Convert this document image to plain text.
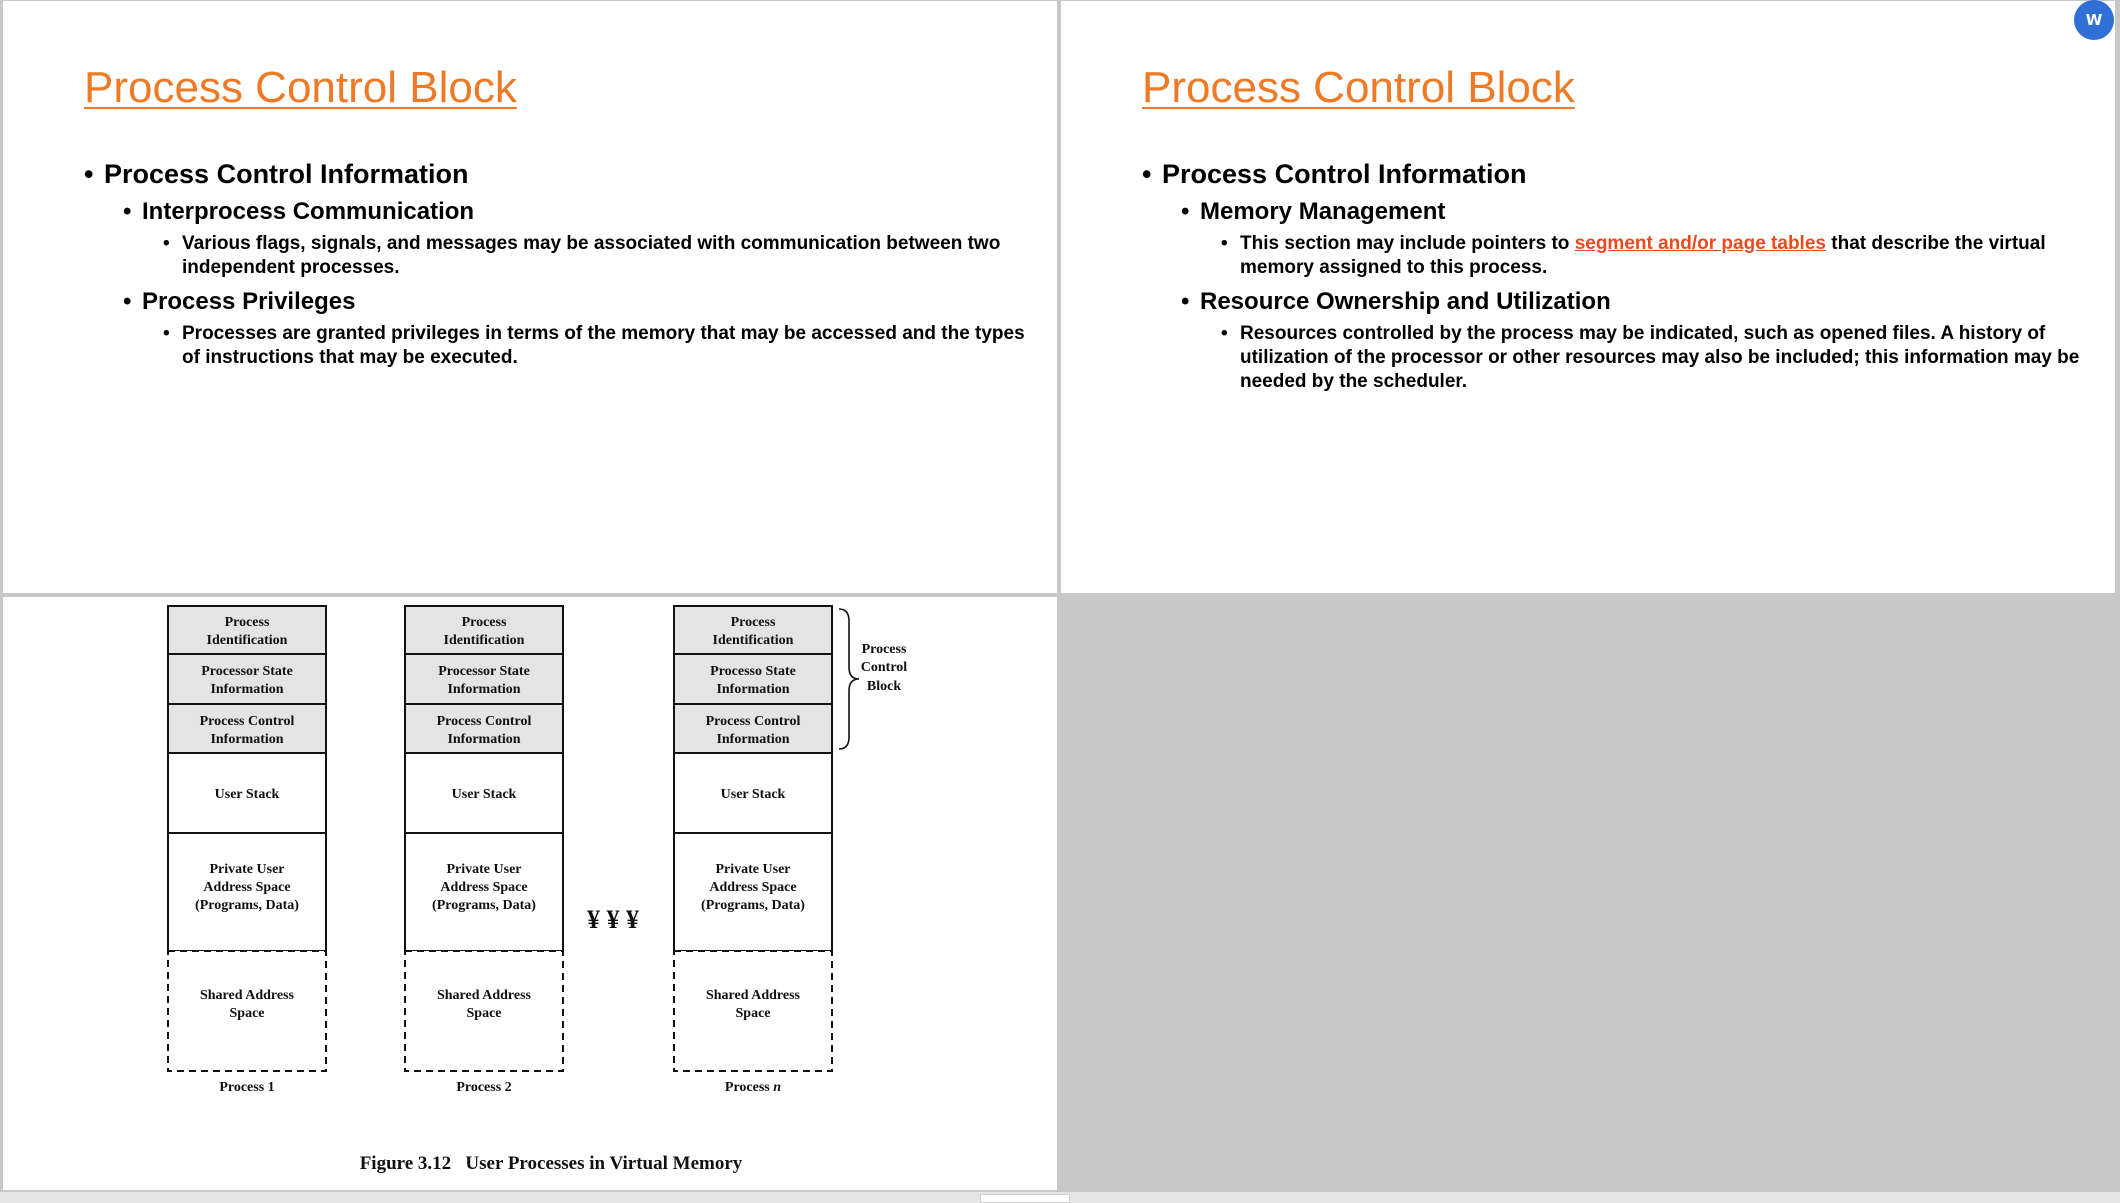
Process Control Block
• Process Control Information
• Interprocess Communication
• Various flags, signals, and messages may be associated with communication between two independent processes.
• Process Privileges
• Processes are granted privileges in terms of the memory that may be accessed and the types of instructions that may be executed.
Process Control Block
• Process Control Information
• Memory Management
• This section may include pointers to segment and/or page tables that describe the virtual memory assigned to this process.
• Resource Ownership and Utilization
• Resources controlled by the process may be indicated, such as opened files. A history of utilization of the processor or other resources may also be included; this information may be needed by the scheduler.
Process
Identification
Processor State
Information
Process Control
Information
User Stack
Private User
Address Space
(Programs, Data)
Shared Address
Space
Process 1
Process
Identification
Processor State
Information
Process Control
Information
User Stack
Private User
Address Space
(Programs, Data)
Shared Address
Space
Process 2
¥ ¥ ¥
Process
Identification
Processo State
Information
Process Control
Information
User Stack
Private User
Address Space
(Programs, Data)
Shared Address
Space
Process n
Process
Control
Block
Figure 3.12   User Processes in Virtual Memory
W
